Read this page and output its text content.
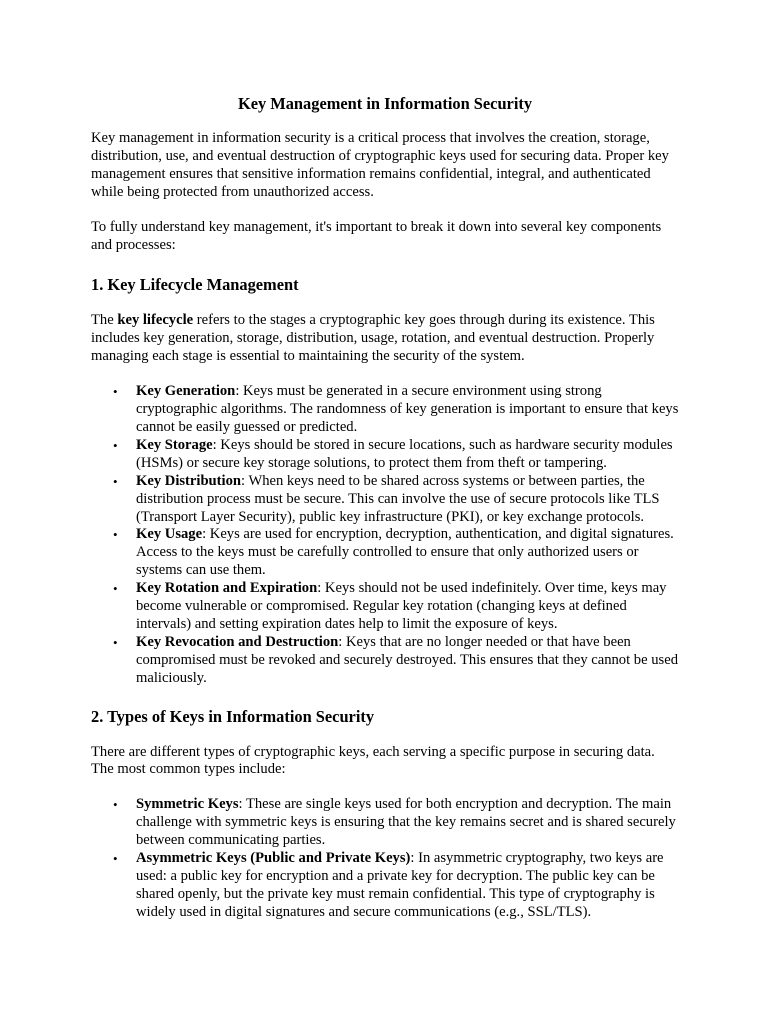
Key Management in Information Security

Key management in information security is a critical process that involves the creation, storage, distribution, use, and eventual destruction of cryptographic keys used for securing data. Proper key management ensures that sensitive information remains confidential, integral, and authenticated while being protected from unauthorized access.

To fully understand key management, it's important to break it down into several key components and processes:

1. Key Lifecycle Management

The key lifecycle refers to the stages a cryptographic key goes through during its existence. This includes key generation, storage, distribution, usage, rotation, and eventual destruction. Properly managing each stage is essential to maintaining the security of the system.

• Key Generation: Keys must be generated in a secure environment using strong cryptographic algorithms. The randomness of key generation is important to ensure that keys cannot be easily guessed or predicted.
• Key Storage: Keys should be stored in secure locations, such as hardware security modules (HSMs) or secure key storage solutions, to protect them from theft or tampering.
• Key Distribution: When keys need to be shared across systems or between parties, the distribution process must be secure. This can involve the use of secure protocols like TLS (Transport Layer Security), public key infrastructure (PKI), or key exchange protocols.
• Key Usage: Keys are used for encryption, decryption, authentication, and digital signatures. Access to the keys must be carefully controlled to ensure that only authorized users or systems can use them.
• Key Rotation and Expiration: Keys should not be used indefinitely. Over time, keys may become vulnerable or compromised. Regular key rotation (changing keys at defined intervals) and setting expiration dates help to limit the exposure of keys.
• Key Revocation and Destruction: Keys that are no longer needed or that have been compromised must be revoked and securely destroyed. This ensures that they cannot be used maliciously.
2. Types of Keys in Information Security

There are different types of cryptographic keys, each serving a specific purpose in securing data. The most common types include:

• Symmetric Keys: These are single keys used for both encryption and decryption. The main challenge with symmetric keys is ensuring that the key remains secret and is shared securely between communicating parties.
• Asymmetric Keys (Public and Private Keys): In asymmetric cryptography, two keys are used: a public key for encryption and a private key for decryption. The public key can be shared openly, but the private key must remain confidential. This type of cryptography is widely used in digital signatures and secure communications (e.g., SSL/TLS).
